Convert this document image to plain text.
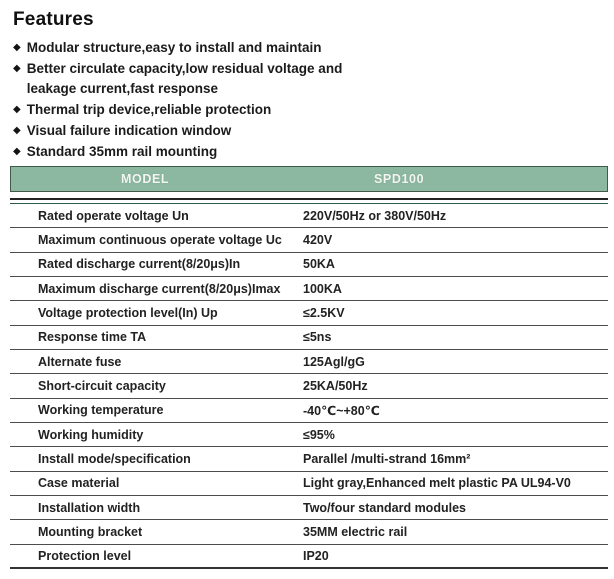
Features
◆ Modular structure,easy to install and maintain
◆ Better circulate capacity,low residual voltage and leakage current,fast response
◆ Thermal trip device,reliable protection
◆ Visual failure indication window
◆ Standard 35mm rail mounting
MODEL	SPD100
Rated operate voltage Un	220V/50Hz or 380V/50Hz
Maximum continuous operate voltage Uc	420V
Rated discharge current(8/20μs)In	50KA
Maximum discharge current(8/20μs)Imax	100KA
Voltage protection level(In) Up	≤2.5KV
Response time TA	≤5ns
Alternate fuse	125Agl/gG
Short-circuit capacity	25KA/50Hz
Working temperature	-40℃~+80℃
Working humidity	≤95%
Install mode/specification	Parallel /multi-strand 16mm²
Case material	Light gray,Enhanced melt plastic PA UL94-V0
Installation width	Two/four standard modules
Mounting bracket	35MM electric rail
Protection level	IP20
